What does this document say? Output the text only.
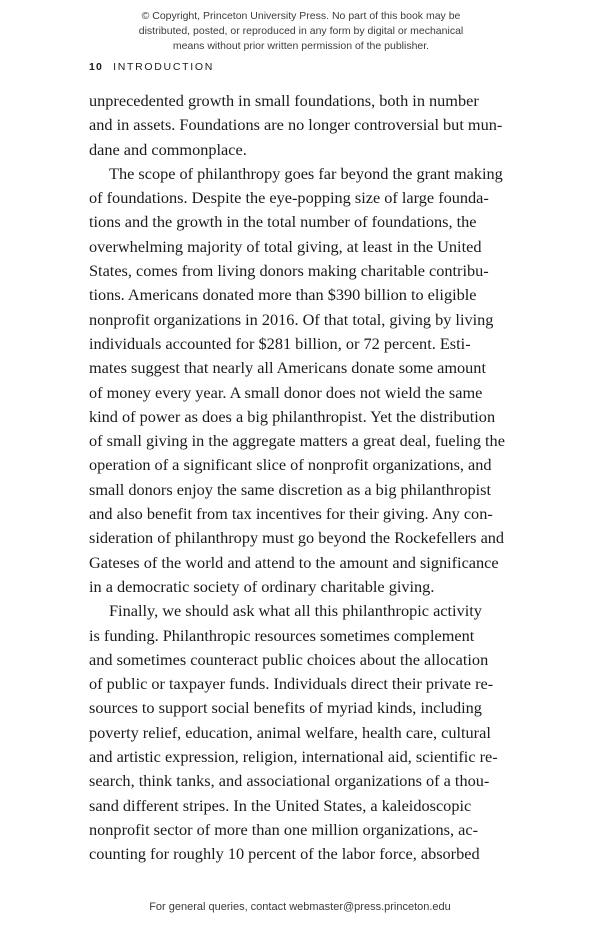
© Copyright, Princeton University Press. No part of this book may be
distributed, posted, or reproduced in any form by digital or mechanical
means without prior written permission of the publisher.
10 INTRODUCTION

unprecedented growth in small foundations, both in number
and in assets. Foundations are no longer controversial but mun-
dane and commonplace.

The scope of philanthropy goes far beyond the grant making
of foundations. Despite the eye-popping size of large founda-
tions and the growth in the total number of foundations, the
overwhelming majority of total giving, at least in the United
States, comes from living donors making charitable contribu-
tions. Americans donated more than $390 billion to eligible
nonprofit organizations in 2016. Of that total, giving by living
individuals accounted for $281 billion, or 72 percent. Esti-
mates suggest that nearly all Americans donate some amount
of money every year. A small donor does not wield the same
kind of power as does a big philanthropist. Yet the distribution
of small giving in the aggregate matters a great deal, fueling the
operation of a significant slice of nonprofit organizations, and
small donors enjoy the same discretion as a big philanthropist
and also benefit from tax incentives for their giving. Any con-
sideration of philanthropy must go beyond the Rockefellers and
Gateses of the world and attend to the amount and significance
in a democratic society of ordinary charitable giving.

Finally, we should ask what all this philanthropic activity
is funding. Philanthropic resources sometimes complement
and sometimes counteract public choices about the allocation
of public or taxpayer funds. Individuals direct their private re-
sources to support social benefits of myriad kinds, including
poverty relief, education, animal welfare, health care, cultural
and artistic expression, religion, international aid, scientific re-
search, think tanks, and associational organizations of a thou-
sand different stripes. In the United States, a kaleidoscopic
nonprofit sector of more than one million organizations, ac-
counting for roughly 10 percent of the labor force, absorbed

For general queries, contact webmaster@press.princeton.edu
